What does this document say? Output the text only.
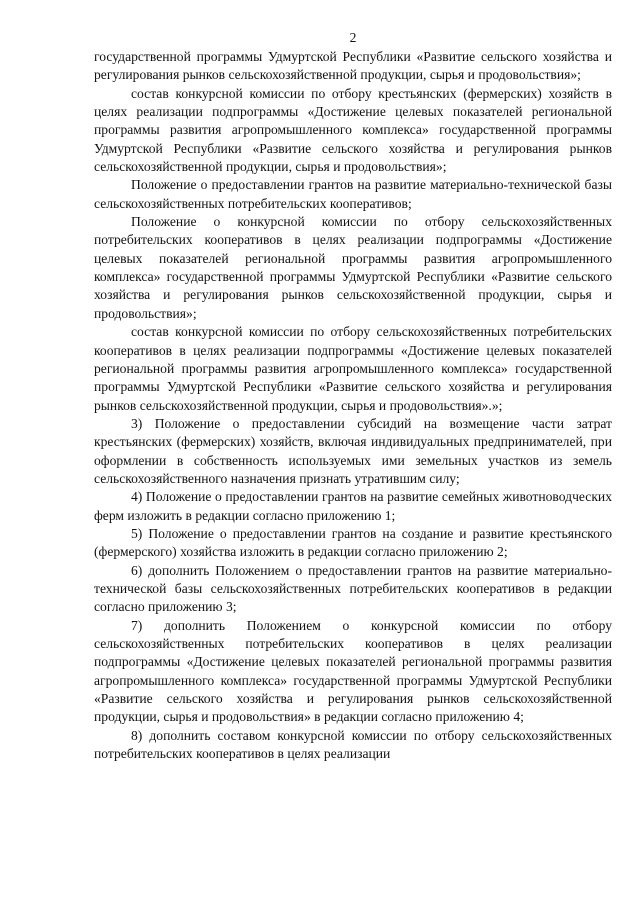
2

государственной программы Удмуртской Республики «Развитие сельского хозяйства и регулирования рынков сельскохозяйственной продукции, сырья и продовольствия»;

состав конкурсной комиссии по отбору крестьянских (фермерских) хозяйств в целях реализации подпрограммы «Достижение целевых показателей региональной программы развития агропромышленного комплекса» государственной программы Удмуртской Республики «Развитие сельского хозяйства и регулирования рынков сельскохозяйственной продукции, сырья и продовольствия»;

Положение о предоставлении грантов на развитие материально-технической базы сельскохозяйственных потребительских кооперативов;

Положение о конкурсной комиссии по отбору сельскохозяйственных потребительских кооперативов в целях реализации подпрограммы «Достижение целевых показателей региональной программы развития агропромышленного комплекса» государственной программы Удмуртской Республики «Развитие сельского хозяйства и регулирования рынков сельскохозяйственной продукции, сырья и продовольствия»;

состав конкурсной комиссии по отбору сельскохозяйственных потребительских кооперативов в целях реализации подпрограммы «Достижение целевых показателей региональной программы развития агропромышленного комплекса» государственной программы Удмуртской Республики «Развитие сельского хозяйства и регулирования рынков сельскохозяйственной продукции, сырья и продовольствия».»;

3) Положение о предоставлении субсидий на возмещение части затрат крестьянских (фермерских) хозяйств, включая индивидуальных предпринимателей, при оформлении в собственность используемых ими земельных участков из земель сельскохозяйственного назначения признать утратившим силу;

4) Положение о предоставлении грантов на развитие семейных животноводческих ферм изложить в редакции согласно приложению 1;

5) Положение о предоставлении грантов на создание и развитие крестьянского (фермерского) хозяйства изложить в редакции согласно приложению 2;

6) дополнить Положением о предоставлении грантов на развитие материально-технической базы сельскохозяйственных потребительских кооперативов в редакции согласно приложению 3;

7) дополнить Положением о конкурсной комиссии по отбору сельскохозяйственных потребительских кооперативов в целях реализации подпрограммы «Достижение целевых показателей региональной программы развития агропромышленного комплекса» государственной программы Удмуртской Республики «Развитие сельского хозяйства и регулирования рынков сельскохозяйственной продукции, сырья и продовольствия» в редакции согласно приложению 4;

8) дополнить составом конкурсной комиссии по отбору сельскохозяйственных потребительских кооперативов в целях реализации
